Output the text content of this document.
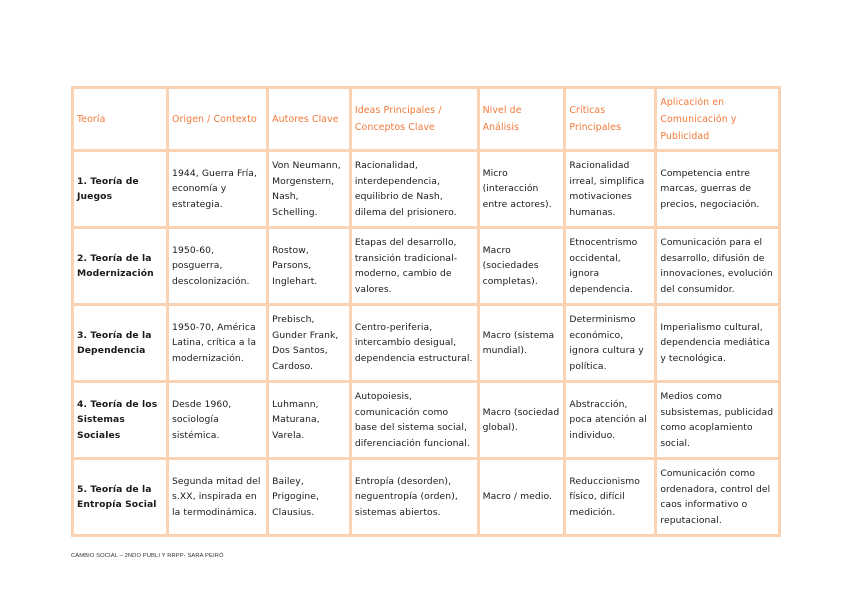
Teoría	Origen / Contexto	Autores Clave	Ideas Principales / Conceptos Clave	Nivel de Análisis	Críticas Principales	Aplicación en Comunicación y Publicidad
1. Teoría de Juegos	1944, Guerra Fría, economía y estrategia.	Von Neumann, Morgenstern, Nash, Schelling.	Racionalidad, interdependencia, equilibrio de Nash, dilema del prisionero.	Micro (interacción entre actores).	Racionalidad irreal, simplifica motivaciones humanas.	Competencia entre marcas, guerras de precios, negociación.
2. Teoría de la Modernización	1950-60, posguerra, descolonización.	Rostow, Parsons, Inglehart.	Etapas del desarrollo, transición tradicional-moderno, cambio de valores.	Macro (sociedades completas).	Etnocentrismo occidental, ignora dependencia.	Comunicación para el desarrollo, difusión de innovaciones, evolución del consumidor.
3. Teoría de la Dependencia	1950-70, América Latina, crítica a la modernización.	Prebisch, Gunder Frank, Dos Santos, Cardoso.	Centro-periferia, intercambio desigual, dependencia estructural.	Macro (sistema mundial).	Determinismo económico, ignora cultura y política.	Imperialismo cultural, dependencia mediática y tecnológica.
4. Teoría de los Sistemas Sociales	Desde 1960, sociología sistémica.	Luhmann, Maturana, Varela.	Autopoiesis, comunicación como base del sistema social, diferenciación funcional.	Macro (sociedad global).	Abstracción, poca atención al individuo.	Medios como subsistemas, publicidad como acoplamiento social.
5. Teoría de la Entropía Social	Segunda mitad del s.XX, inspirada en la termodinámica.	Bailey, Prigogine, Clausius.	Entropía (desorden), neguentropía (orden), sistemas abiertos.	Macro / medio.	Reduccionismo físico, difícil medición.	Comunicación como ordenadora, control del caos informativo o reputacional.
CAMBIO SOCIAL – 2NDO PUBLI Y RRPP- SARA PEIRÓ
